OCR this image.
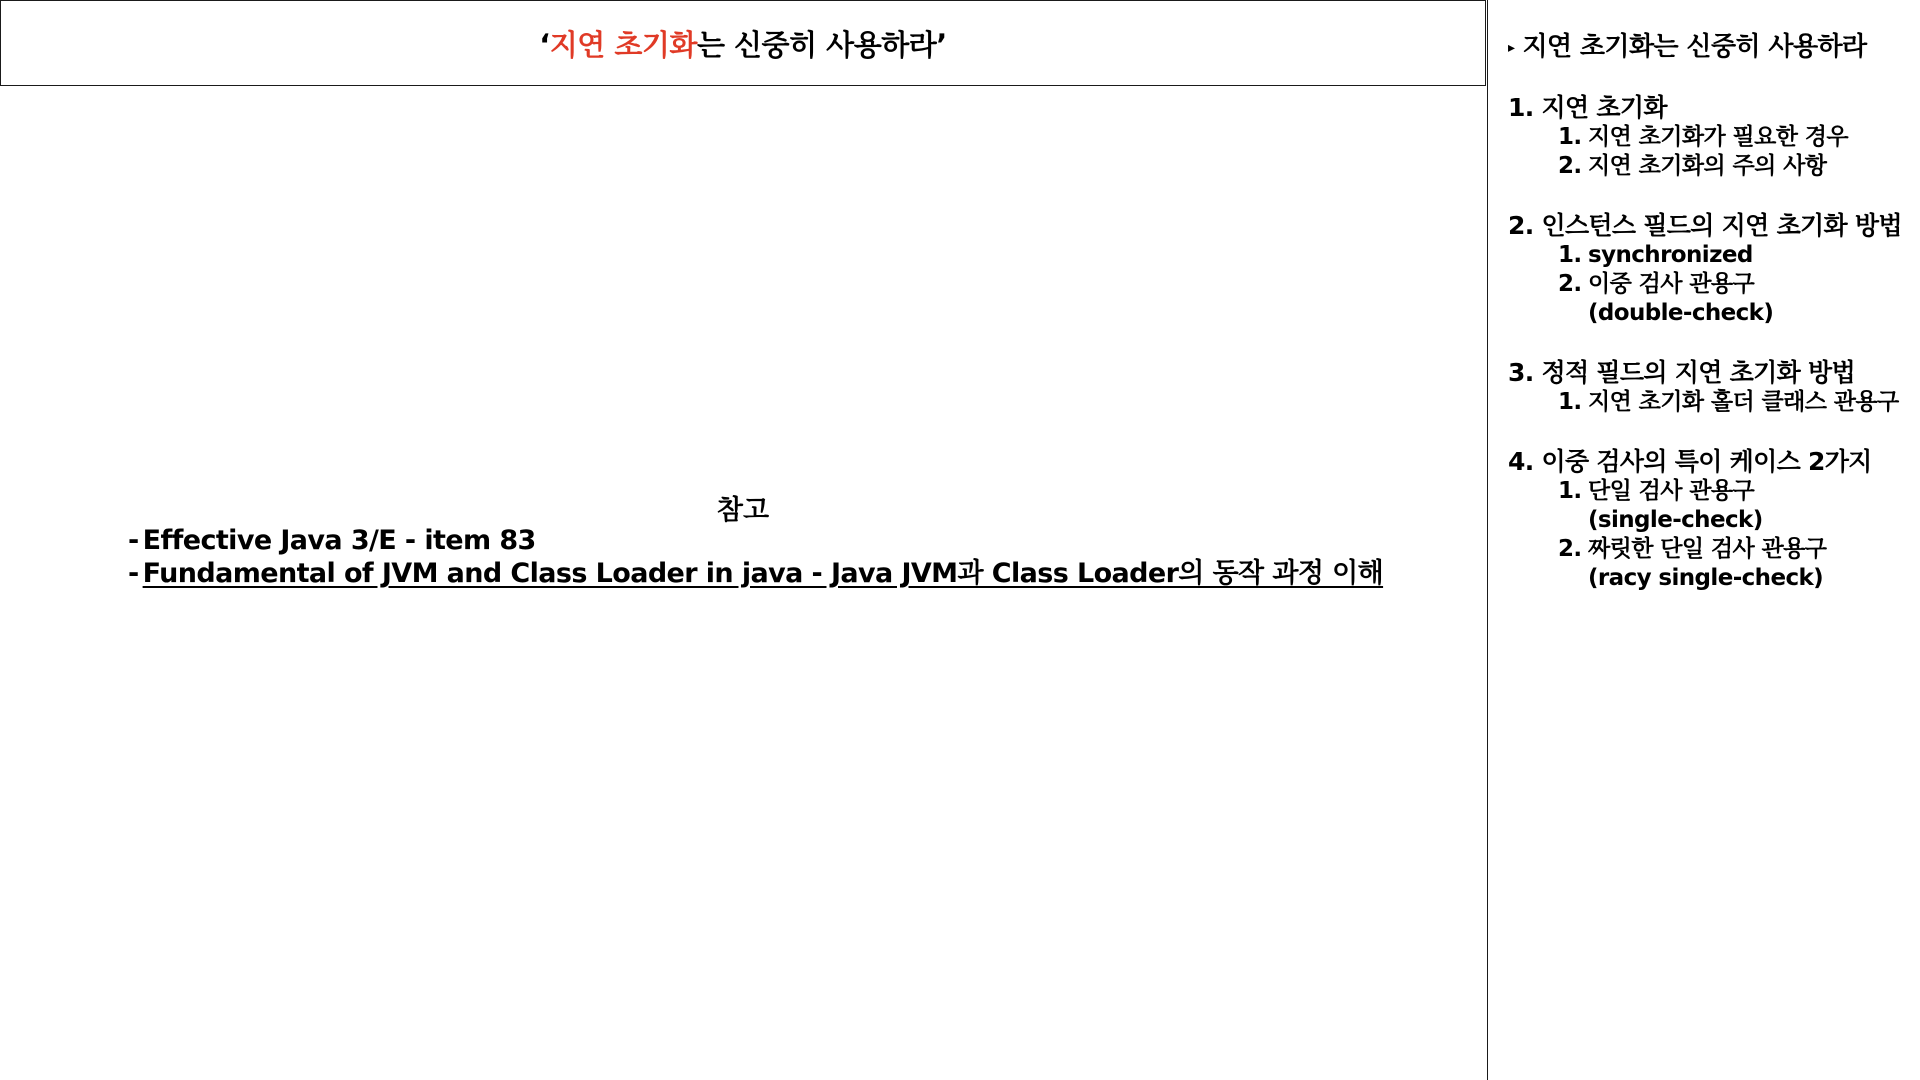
‘지연 초기화는 신중히 사용하라’	▸ 지연 초기화는 신중히 사용하라
1. 지연 초기화
1. 지연 초기화가 필요한 경우
2. 지연 초기화의 주의 사항
2. 인스턴스 필드의 지연 초기화 방법
1. synchronized
2. 이중 검사 관용구
(double-check)
3. 정적 필드의 지연 초기화 방법
1. 지연 초기화 홀더 클래스 관용구
4. 이중 검사의 특이 케이스 2가지
1. 단일 검사 관용구
(single-check)
2. 짜릿한 단일 검사 관용구
(racy single-check)
참고
- Effective Java 3/E - item 83
- Fundamental of JVM and Class Loader in java - Java JVM과 Class Loader의 동작 과정 이해
